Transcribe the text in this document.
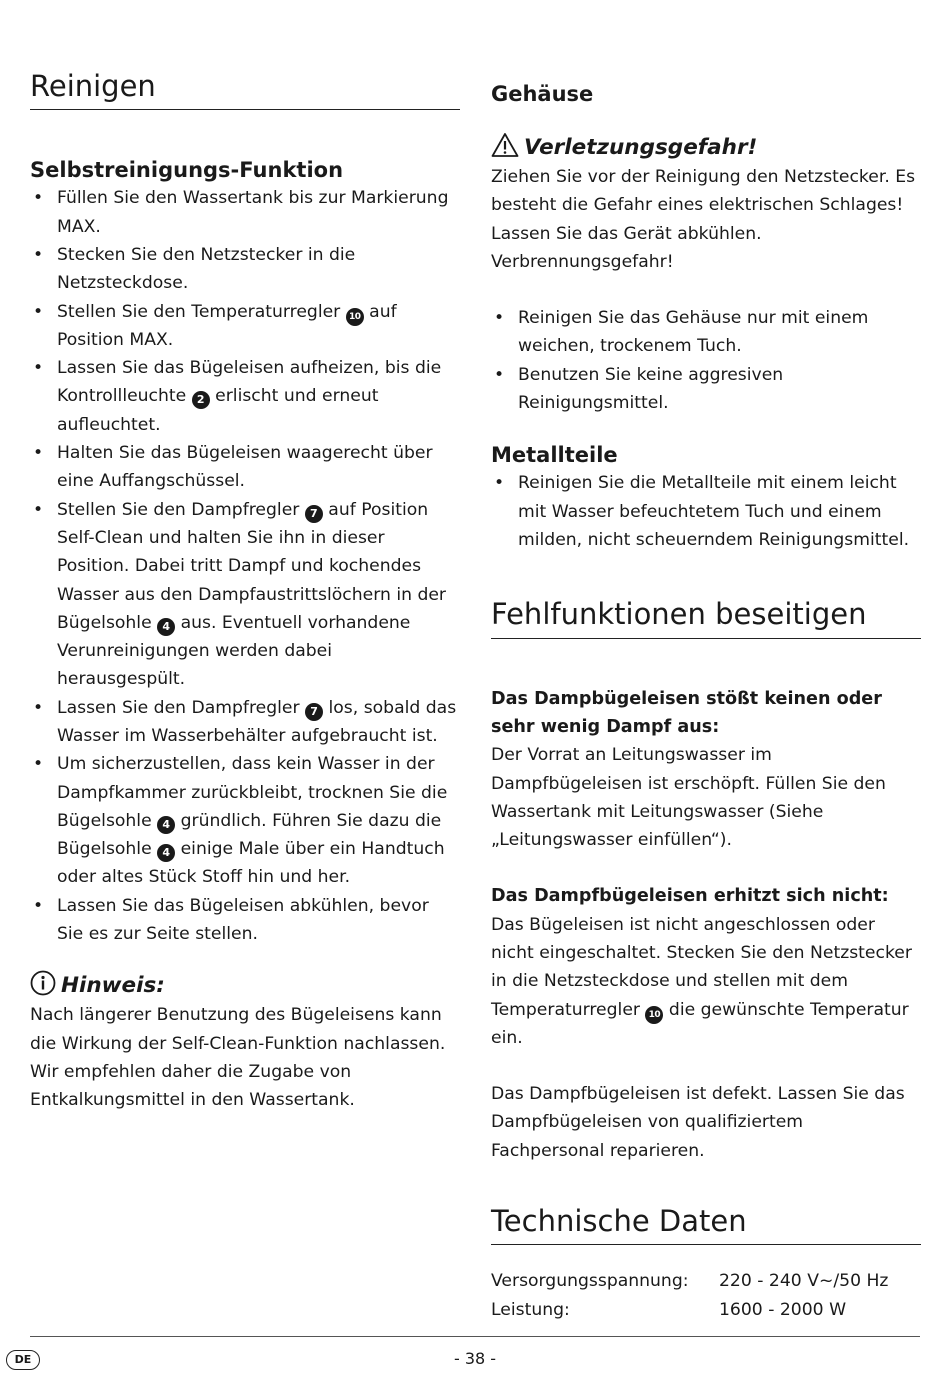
Reinigen
Selbstreinigungs-Funktion
• Füllen Sie den Wassertank bis zur Markierung MAX.
• Stecken Sie den Netzstecker in die Netzsteckdose.
• Stellen Sie den Temperaturregler 10 auf Position MAX.
• Lassen Sie das Bügeleisen aufheizen, bis die Kontrollleuchte 2 erlischt und erneut aufleuchtet.
• Halten Sie das Bügeleisen waagerecht über eine Auffangschüssel.
• Stellen Sie den Dampfregler 7 auf Position Self-Clean und halten Sie ihn in dieser Position. Dabei tritt Dampf und kochendes Wasser aus den Dampfaustrittslöchern in der Bügelsohle 4 aus. Eventuell vorhandene Verunreinigungen werden dabei herausgespült.
• Lassen Sie den Dampfregler 7 los, sobald das Wasser im Wasserbehälter aufgebraucht ist.
• Um sicherzustellen, dass kein Wasser in der Dampfkammer zurückbleibt, trocknen Sie die Bügelsohle 4 gründlich. Führen Sie dazu die Bügelsohle 4 einige Male über ein Handtuch oder altes Stück Stoff hin und her.
• Lassen Sie das Bügeleisen abkühlen, bevor Sie es zur Seite stellen.
Hinweis:

Nach längerer Benutzung des Bügeleisens kann die Wirkung der Self-Clean-Funktion nachlassen. Wir empfehlen daher die Zugabe von Entkalkungsmittel in den Wassertank.

Gehäuse
Verletzungsgefahr!

Ziehen Sie vor der Reinigung den Netzstecker. Es besteht die Gefahr eines elektrischen Schlages! Lassen Sie das Gerät abkühlen. Verbrennungsgefahr!

• Reinigen Sie das Gehäuse nur mit einem weichen, trockenem Tuch.
• Benutzen Sie keine aggresiven Reinigungsmittel.
Metallteile
• Reinigen Sie die Metallteile mit einem leicht mit Wasser befeuchtetem Tuch und einem milden, nicht scheuerndem Reinigungsmittel.
Fehlfunktionen beseitigen

Das Dampbügeleisen stößt keinen oder sehr wenig Dampf aus:

Der Vorrat an Leitungswasser im Dampfbügeleisen ist erschöpft. Füllen Sie den Wassertank mit Leitungswasser (Siehe „Leitungswasser einfüllen“).

Das Dampfbügeleisen erhitzt sich nicht:

Das Bügeleisen ist nicht angeschlossen oder nicht eingeschaltet. Stecken Sie den Netzstecker in die Netzsteckdose und stellen mit dem Temperaturregler 10 die gewünschte Temperatur ein.

Das Dampfbügeleisen ist defekt. Lassen Sie das Dampfbügeleisen von qualifiziertem Fachpersonal reparieren.

Technische Daten
Versorgungsspannung:	220 - 240 V~/50 Hz
Leistung:	1600 - 2000 W
DE	- 38 -
